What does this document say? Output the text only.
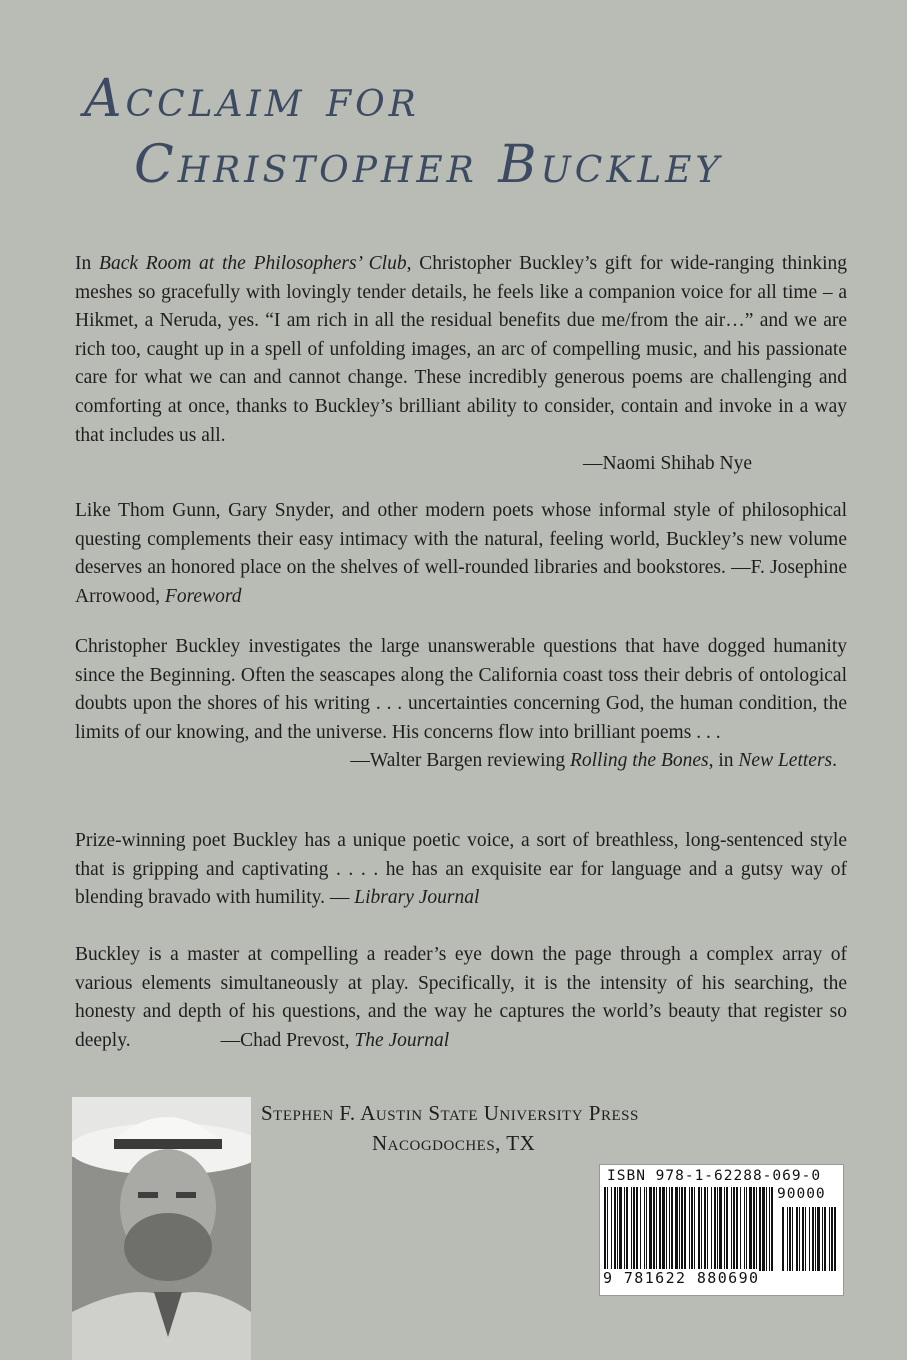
Acclaim for
Christopher Buckley

In Back Room at the Philosophers’ Club, Christopher Buckley’s gift for wide-ranging thinking meshes so gracefully with lovingly tender details, he feels like a companion voice for all time – a Hikmet, a Neruda, yes. “I am rich in all the residual benefits due me/from the air…” and we are rich too, caught up in a spell of unfolding images, an arc of compelling music, and his passionate care for what we can and cannot change. These incredibly generous poems are challenging and comforting at once, thanks to Buckley’s brilliant ability to consider, contain and invoke in a way that includes us all.

—Naomi Shihab Nye

Like Thom Gunn, Gary Snyder, and other modern poets whose informal style of philosophical questing complements their easy intimacy with the natural, feeling world, Buckley’s new volume deserves an honored place on the shelves of well-rounded libraries and bookstores. —F. Josephine Arrowood, Foreword

Christopher Buckley investigates the large unanswerable questions that have dogged humanity since the Beginning. Often the seascapes along the California coast toss their debris of ontological doubts upon the shores of his writing . . . uncertainties concerning God, the human condition, the limits of our knowing, and the universe. His concerns flow into brilliant poems . . .

—Walter Bargen reviewing Rolling the Bones, in New Letters.

Prize-winning poet Buckley has a unique poetic voice, a sort of breathless, long-sentenced style that is gripping and captivating . . . . he has an exquisite ear for language and a gutsy way of blending bravado with humility. — Library Journal

Buckley is a master at compelling a reader’s eye down the page through a complex array of various elements simultaneously at play. Specifically, it is the intensity of his searching, the honesty and depth of his questions, and the way he captures the world’s beauty that register so deeply.	—Chad Prevost, The Journal

Stephen F. Austin State University Press
Nacogdoches, TX
ISBN 978-1-62288-069-0
90000
9 781622 880690
